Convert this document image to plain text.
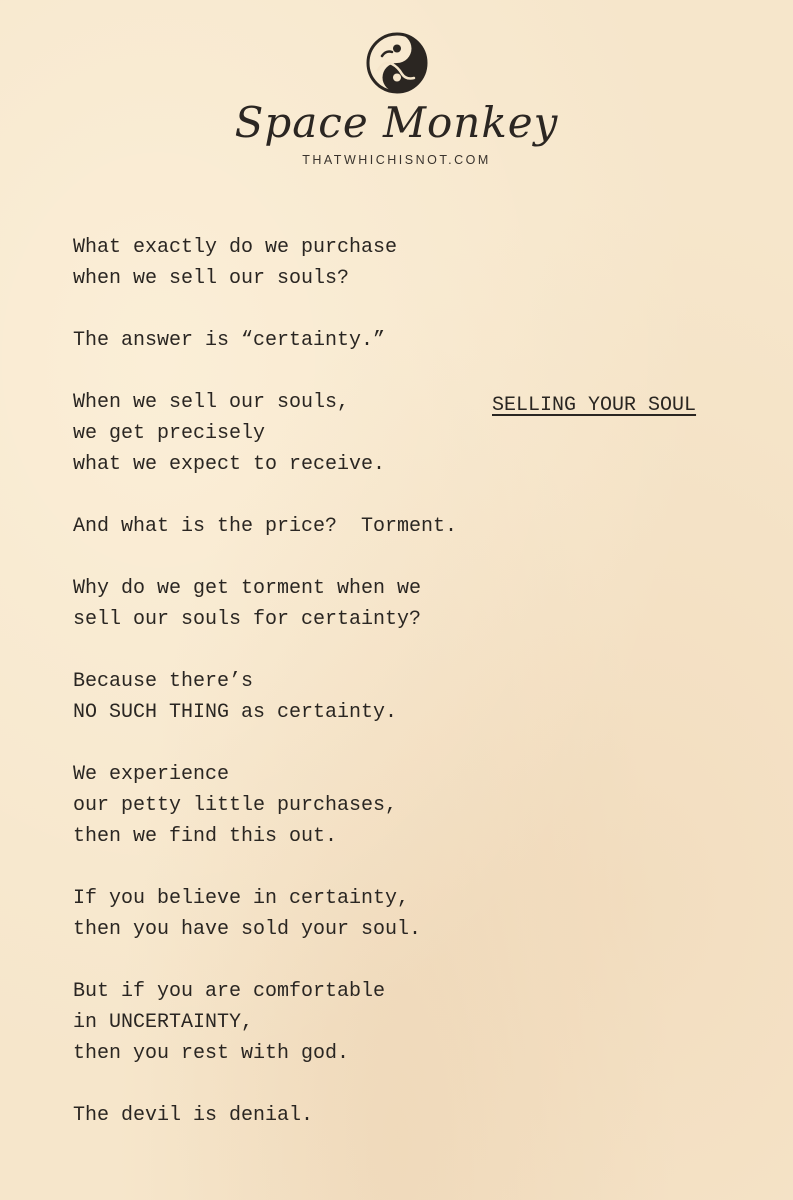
Space Monkey
THATWHICHISNOT.COM
SELLING YOUR SOUL
What exactly do we purchase
when we sell our souls?
The answer is “certainty.”
When we sell our souls,
we get precisely
what we expect to receive.
And what is the price?  Torment.
Why do we get torment when we
sell our souls for certainty?
Because there’s
NO SUCH THING as certainty.
We experience
our petty little purchases,
then we find this out.
If you believe in certainty,
then you have sold your soul.
But if you are comfortable
in UNCERTAINTY,
then you rest with god.
The devil is denial.
